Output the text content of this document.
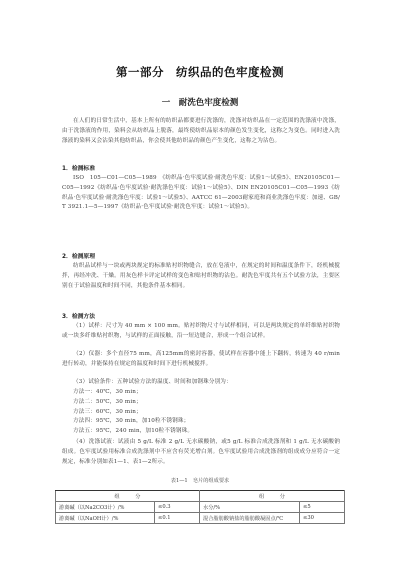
第一部分　纺织品的色牢度检测
一　耐洗色牢度检测
在人们的日常生活中，基本上所有的纺织品都要进行洗涤的，洗涤对纺织品在一定范围的洗涤液中洗涤，由于洗涤液的作用，染料会从纺织品上脱落，最终使纺织品原本的颜色发生变化，这称之为变色。同时进入洗涤液的染料又会沾染其他纺织品，你会使其他纺织品的颜色产生变化，这称之为沾色。
1．检测标准
ISO　105—C01—C05—1989　《纺织品·色牢度试验·耐洗色牢度：试验1～试验5》、EN20105C01—C05—1992《纺织品·色牢度试验·耐洗涤色牢度：试验1～试验5》、DIN EN20105C01—C05—1993《纺织品·色牢度试验·耐洗涤色牢度：试验1～试验5》、AATCC 61—2003耐家庭和商业洗涤色牢度：加速、GB/T 3921.1—5—1997《纺织品·色牢度试验·耐洗色牢度：试验1～试验5》。
2．检测原理
纺织品试样与一块或两块规定的标准贴衬织物缝合，放在皂液中，在规定的时间和温度条件下，经机械搅拌，再经冲洗、干燥。用灰色样卡评定试样的变色和贴衬织物的沾色。耐洗色牢度共有五个试验方法，主要区别在于试验温度和时间不同，其他条件基本相同。
3．检测方法
（1）试样：尺寸为 40 mm × 100 mm。贴衬织物尺寸与试样相同，可以是两块规定的单纤维贴衬织物或一块多纤维贴衬织物，与试样的正面接触，沿一短边缝合，形成一个组合试样。
（2）仪器：多个直径75 mm，高125mm的密封容器，使试样在容器中能上下翻转，转速为 40 r/min 进行转动，并能保持在规定的温度和时间下进行机械搅拌。
（3）试验条件：五种试验方法的温度、时间和加钢珠分别为：
方法一：40℃，30 min；
方法二：50℃，30 min；
方法三：60℃，30 min；
方法四：95℃，30 min，加10粒不锈钢珠；
方法五：95℃，240 min，加10粒不锈钢珠。
（4）洗涤试液：试液由 5 g/L 标准 2 g/L 无水碳酸钠，或5 g/L 标准合成洗涤剂和 1 g/L 无水碳酸钠组成。色牢度试验用标准合成洗涤剂中不应含有荧光增白剂。色牢度试验用合成洗涤剂的组成成分应符合一定规定，标准分别如表1—1、表1—2所示。
表1—1　皂片的组成要求
组　　　 分		组　　　 分	
游离碱（以Na2CO3计）/%	≤0.3	水分/%	≤5
游离碱（以NaOH计）/%	≤0.1	混合脂肪酸钠盐的脂肪酸凝固点/℃	≤30
